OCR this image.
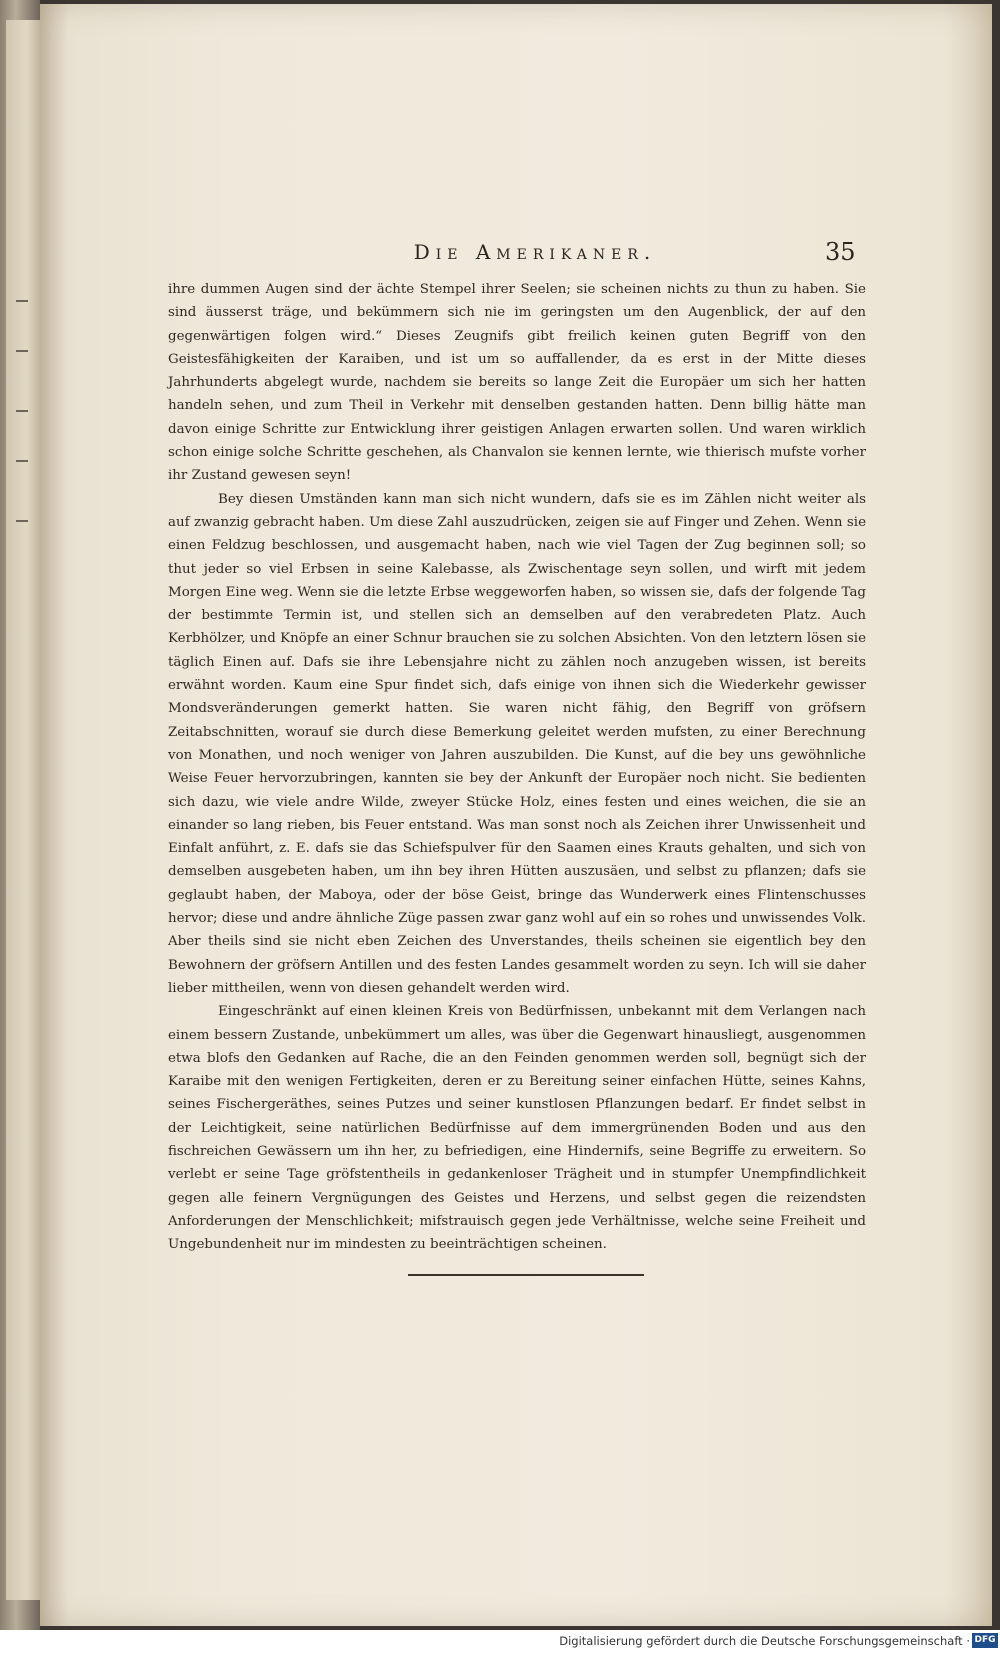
Die Amerikaner.	35

ihre dummen Augen sind der ächte Stempel ihrer Seelen; sie scheinen nichts zu thun zu haben. Sie sind äusserst träge, und bekümmern sich nie im geringsten um den Augenblick, der auf den gegenwärtigen folgen wird.“ Dieses Zeugnifs gibt freilich keinen guten Begriff von den Geistesfähigkeiten der Karaiben, und ist um so auffallender, da es erst in der Mitte dieses Jahrhunderts abgelegt wurde, nachdem sie bereits so lange Zeit die Europäer um sich her hatten handeln sehen, und zum Theil in Verkehr mit denselben gestanden hatten. Denn billig hätte man davon einige Schritte zur Entwicklung ihrer geistigen Anlagen erwarten sollen. Und waren wirklich schon einige solche Schritte geschehen, als Chanvalon sie kennen lernte, wie thierisch mufste vorher ihr Zustand gewesen seyn!

Bey diesen Umständen kann man sich nicht wundern, dafs sie es im Zählen nicht weiter als auf zwanzig gebracht haben. Um diese Zahl auszudrücken, zeigen sie auf Finger und Zehen. Wenn sie einen Feldzug beschlossen, und ausgemacht haben, nach wie viel Tagen der Zug beginnen soll; so thut jeder so viel Erbsen in seine Kalebasse, als Zwischentage seyn sollen, und wirft mit jedem Morgen Eine weg. Wenn sie die letzte Erbse weggeworfen haben, so wissen sie, dafs der folgende Tag der bestimmte Termin ist, und stellen sich an demselben auf den verabredeten Platz. Auch Kerbhölzer, und Knöpfe an einer Schnur brauchen sie zu solchen Absichten. Von den letztern lösen sie täglich Einen auf. Dafs sie ihre Lebensjahre nicht zu zählen noch anzugeben wissen, ist bereits erwähnt worden. Kaum eine Spur findet sich, dafs einige von ihnen sich die Wiederkehr gewisser Mondsveränderungen gemerkt hatten. Sie waren nicht fähig, den Begriff von gröfsern Zeitabschnitten, worauf sie durch diese Bemerkung geleitet werden mufsten, zu einer Berechnung von Monathen, und noch weniger von Jahren auszubilden. Die Kunst, auf die bey uns gewöhnliche Weise Feuer hervorzubringen, kannten sie bey der Ankunft der Europäer noch nicht. Sie bedienten sich dazu, wie viele andre Wilde, zweyer Stücke Holz, eines festen und eines weichen, die sie an einander so lang rieben, bis Feuer entstand. Was man sonst noch als Zeichen ihrer Unwissenheit und Einfalt anführt, z. E. dafs sie das Schiefspulver für den Saamen eines Krauts gehalten, und sich von demselben ausgebeten haben, um ihn bey ihren Hütten auszusäen, und selbst zu pflanzen; dafs sie geglaubt haben, der Maboya, oder der böse Geist, bringe das Wunderwerk eines Flintenschusses hervor; diese und andre ähnliche Züge passen zwar ganz wohl auf ein so rohes und unwissendes Volk. Aber theils sind sie nicht eben Zeichen des Unverstandes, theils scheinen sie eigentlich bey den Bewohnern der gröfsern Antillen und des festen Landes gesammelt worden zu seyn. Ich will sie daher lieber mittheilen, wenn von diesen gehandelt werden wird.

Eingeschränkt auf einen kleinen Kreis von Bedürfnissen, unbekannt mit dem Verlangen nach einem bessern Zustande, unbekümmert um alles, was über die Gegenwart hinausliegt, ausgenommen etwa blofs den Gedanken auf Rache, die an den Feinden genommen werden soll, begnügt sich der Karaibe mit den wenigen Fertigkeiten, deren er zu Bereitung seiner einfachen Hütte, seines Kahns, seines Fischergeräthes, seines Putzes und seiner kunstlosen Pflanzungen bedarf. Er findet selbst in der Leichtigkeit, seine natürlichen Bedürfnisse auf dem immergrünenden Boden und aus den fischreichen Gewässern um ihn her, zu befriedigen, eine Hindernifs, seine Begriffe zu erweitern. So verlebt er seine Tage gröfstentheils in gedankenloser Trägheit und in stumpfer Unempfindlichkeit gegen alle feinern Vergnügungen des Geistes und Herzens, und selbst gegen die reizendsten Anforderungen der Menschlichkeit; mifstrauisch gegen jede Verhältnisse, welche seine Freiheit und Ungebundenheit nur im mindesten zu beeinträchtigen scheinen.

Digitalisierung gefördert durch die Deutsche Forschungsgemeinschaft · DFG
